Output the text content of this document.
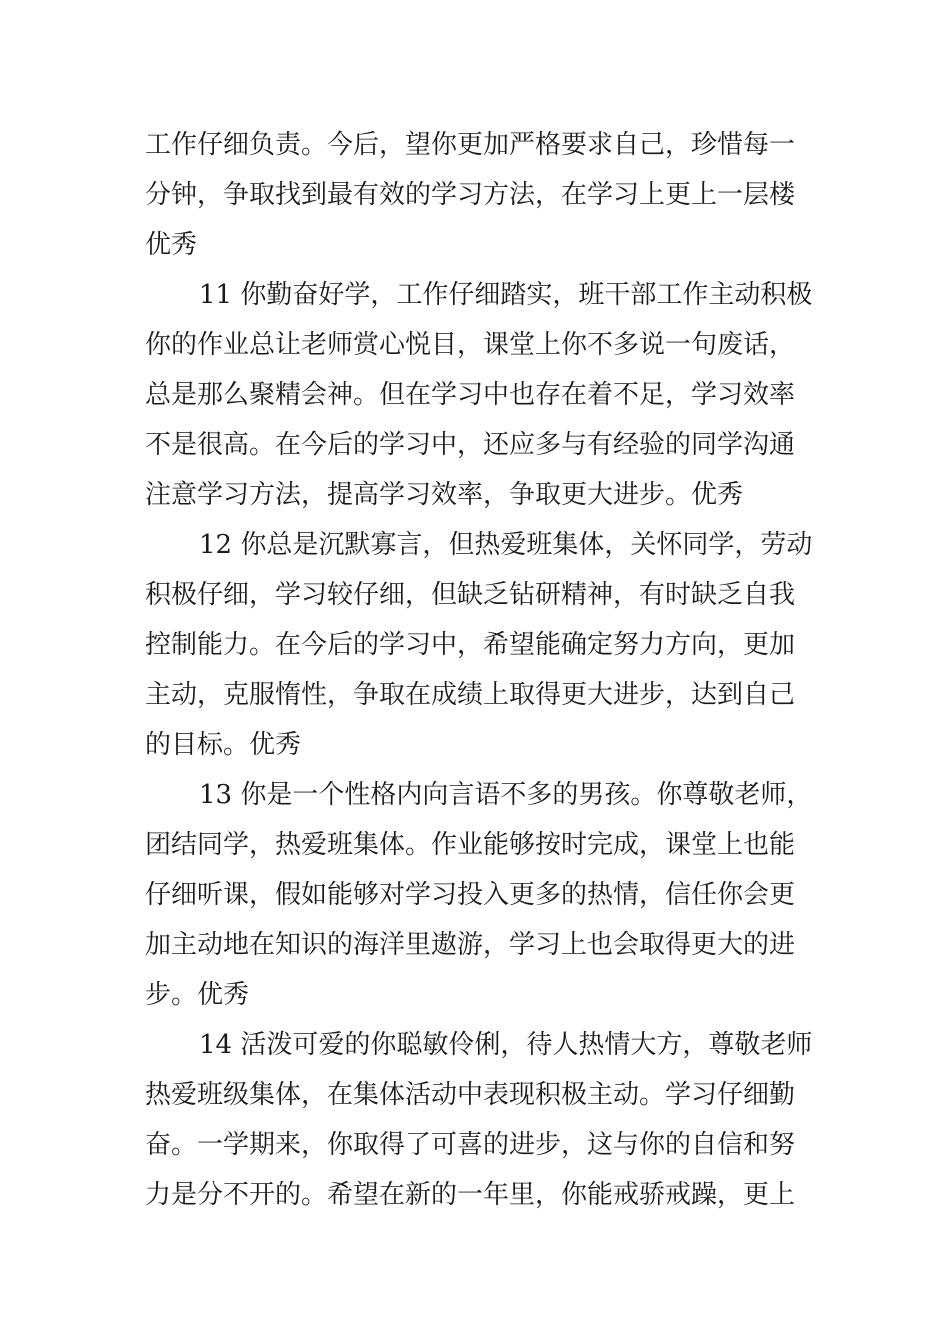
工作仔细负责。今后，望你更加严格要求自己，珍惜每一
分钟，争取找到最有效的学习方法，在学习上更上一层楼
优秀
11 你勤奋好学，工作仔细踏实，班干部工作主动积极
你的作业总让老师赏心悦目，课堂上你不多说一句废话，
总是那么聚精会神。但在学习中也存在着不足，学习效率
不是很高。在今后的学习中，还应多与有经验的同学沟通
注意学习方法，提高学习效率，争取更大进步。优秀
12 你总是沉默寡言，但热爱班集体，关怀同学，劳动
积极仔细，学习较仔细，但缺乏钻研精神，有时缺乏自我
控制能力。在今后的学习中，希望能确定努力方向，更加
主动，克服惰性，争取在成绩上取得更大进步，达到自己
的目标。优秀
13 你是一个性格内向言语不多的男孩。你尊敬老师，
团结同学，热爱班集体。作业能够按时完成，课堂上也能
仔细听课，假如能够对学习投入更多的热情，信任你会更
加主动地在知识的海洋里遨游，学习上也会取得更大的进
步。优秀
14 活泼可爱的你聪敏伶俐，待人热情大方，尊敬老师
热爱班级集体，在集体活动中表现积极主动。学习仔细勤
奋。一学期来，你取得了可喜的进步，这与你的自信和努
力是分不开的。希望在新的一年里，你能戒骄戒躁，更上
